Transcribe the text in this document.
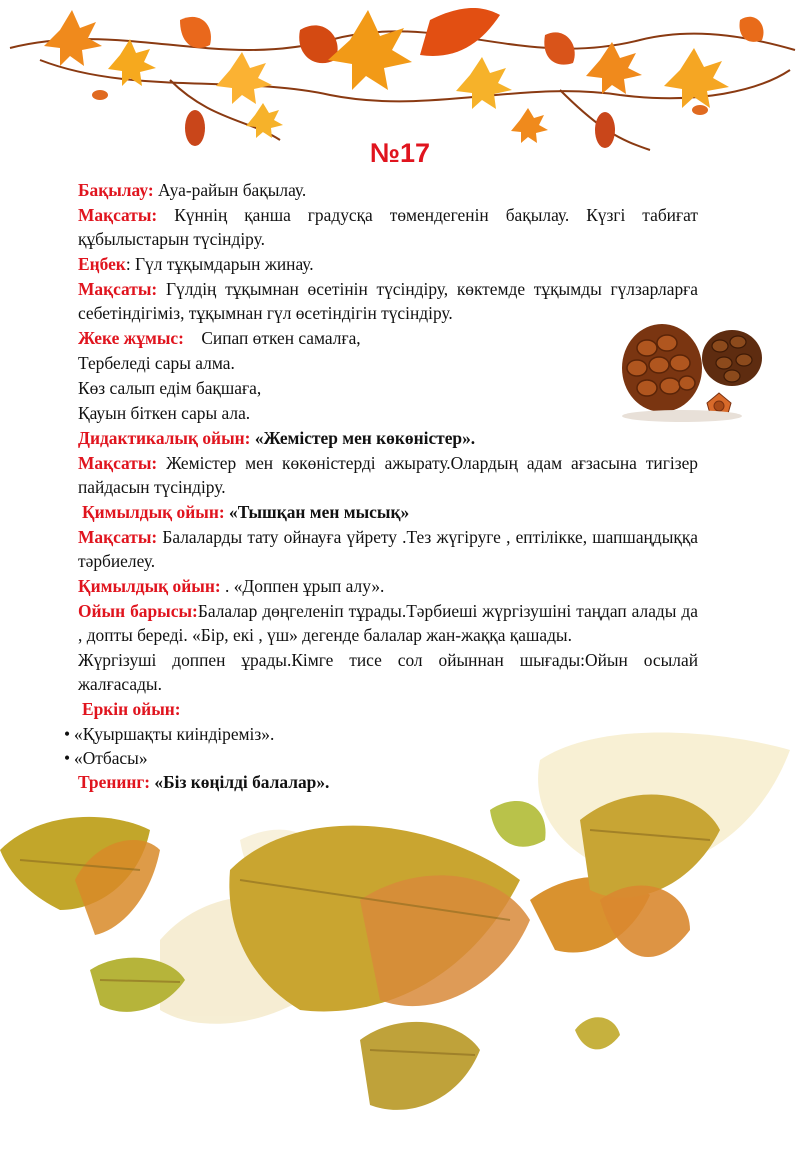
№17

Бақылау: Ауа-райын бақылау.

Мақсаты: Күннің қанша градусқа төмендегенін бақылау. Күзгі табиғат құбылыстарын түсіндіру.

Еңбек: Гүл тұқымдарын жинау.

Мақсаты: Гүлдің тұқымнан өсетінін түсіндіру, көктемде тұқымды гүлзарларға себетіндігіміз, тұқымнан гүл өсетіндігін түсіндіру.

Жеке жұмыс: Сипап өткен самалға,

Тербеледі сары алма.

Көз салып едім бақшаға,

Қауын біткен сары ала.

Дидактикалық ойын: «Жемістер мен көкөністер».

Мақсаты: Жемістер мен көкөністерді ажырату.Олардың адам ағзасына тигізер пайдасын түсіндіру.

Қимылдық ойын: «Тышқан мен мысық»

Мақсаты: Балаларды тату ойнауға үйрету .Тез жүгіруге , ептілікке, шапшаңдыққа тәрбиелеу.

Қимылдық ойын: . «Доппен ұрып алу».

Ойын барысы:Балалар дөңгеленіп тұрады.Тәрбиеші жүргізушіні таңдап алады да , допты береді. «Бір, екі , үш» дегенде балалар жан-жаққа қашады.

Жүргізуші доппен ұрады.Кімге тисе сол ойыннан шығады:Ойын осылай жалғасады.

Еркін ойын:

• «Қуыршақты киіндіреміз».
• «Отбасы»

Тренинг: «Біз көңілді балалар».
